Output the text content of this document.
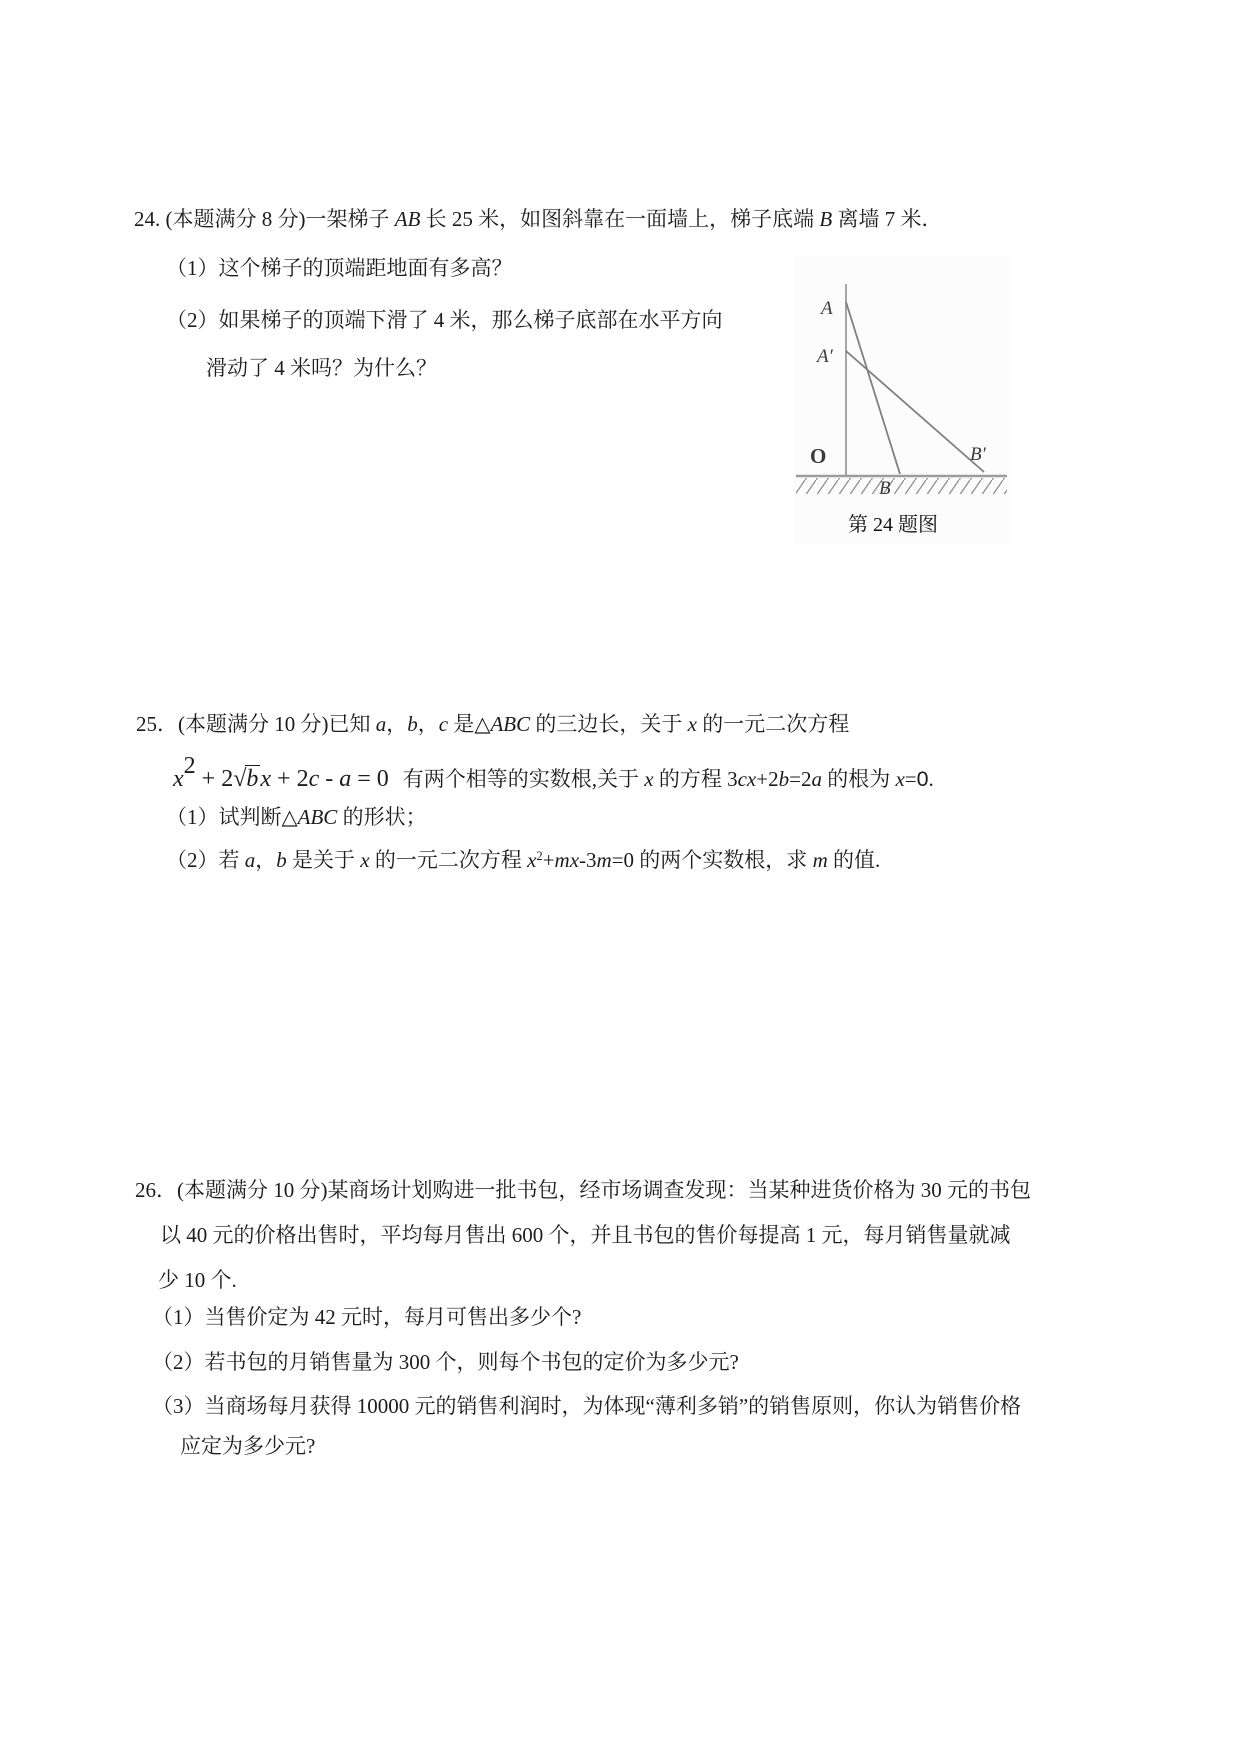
24. (本题满分 8 分)一架梯子 AB 长 25 米，如图斜靠在一面墙上，梯子底端 B 离墙 7 米．
（1）这个梯子的顶端距地面有多高？
（2）如果梯子的顶端下滑了 4 米，那么梯子底部在水平方向
滑动了 4 米吗？为什么？
A
A′
O
B
B′
第 24 题图
25．(本题满分 10 分)已知 a，b，c 是△ABC 的三边长，关于 x 的一元二次方程
x2 + 2√bx + 2c - a = 0 有两个相等的实数根,关于 x 的方程 3cx+2b=2a 的根为 x=0.
（1）试判断△ABC 的形状；
（2）若 a，b 是关于 x 的一元二次方程 $x^2+mx-3m=0$ 的两个实数根，求 m 的值.
26．(本题满分 10 分)某商场计划购进一批书包，经市场调查发现：当某种进货价格为 30 元的书包
以 40 元的价格出售时，平均每月售出 600 个，并且书包的售价每提高 1 元，每月销售量就减
少 10 个.
（1）当售价定为 42 元时，每月可售出多少个?
（2）若书包的月销售量为 300 个，则每个书包的定价为多少元?
（3）当商场每月获得 10000 元的销售利润时，为体现“薄利多销”的销售原则，你认为销售价格
应定为多少元?
